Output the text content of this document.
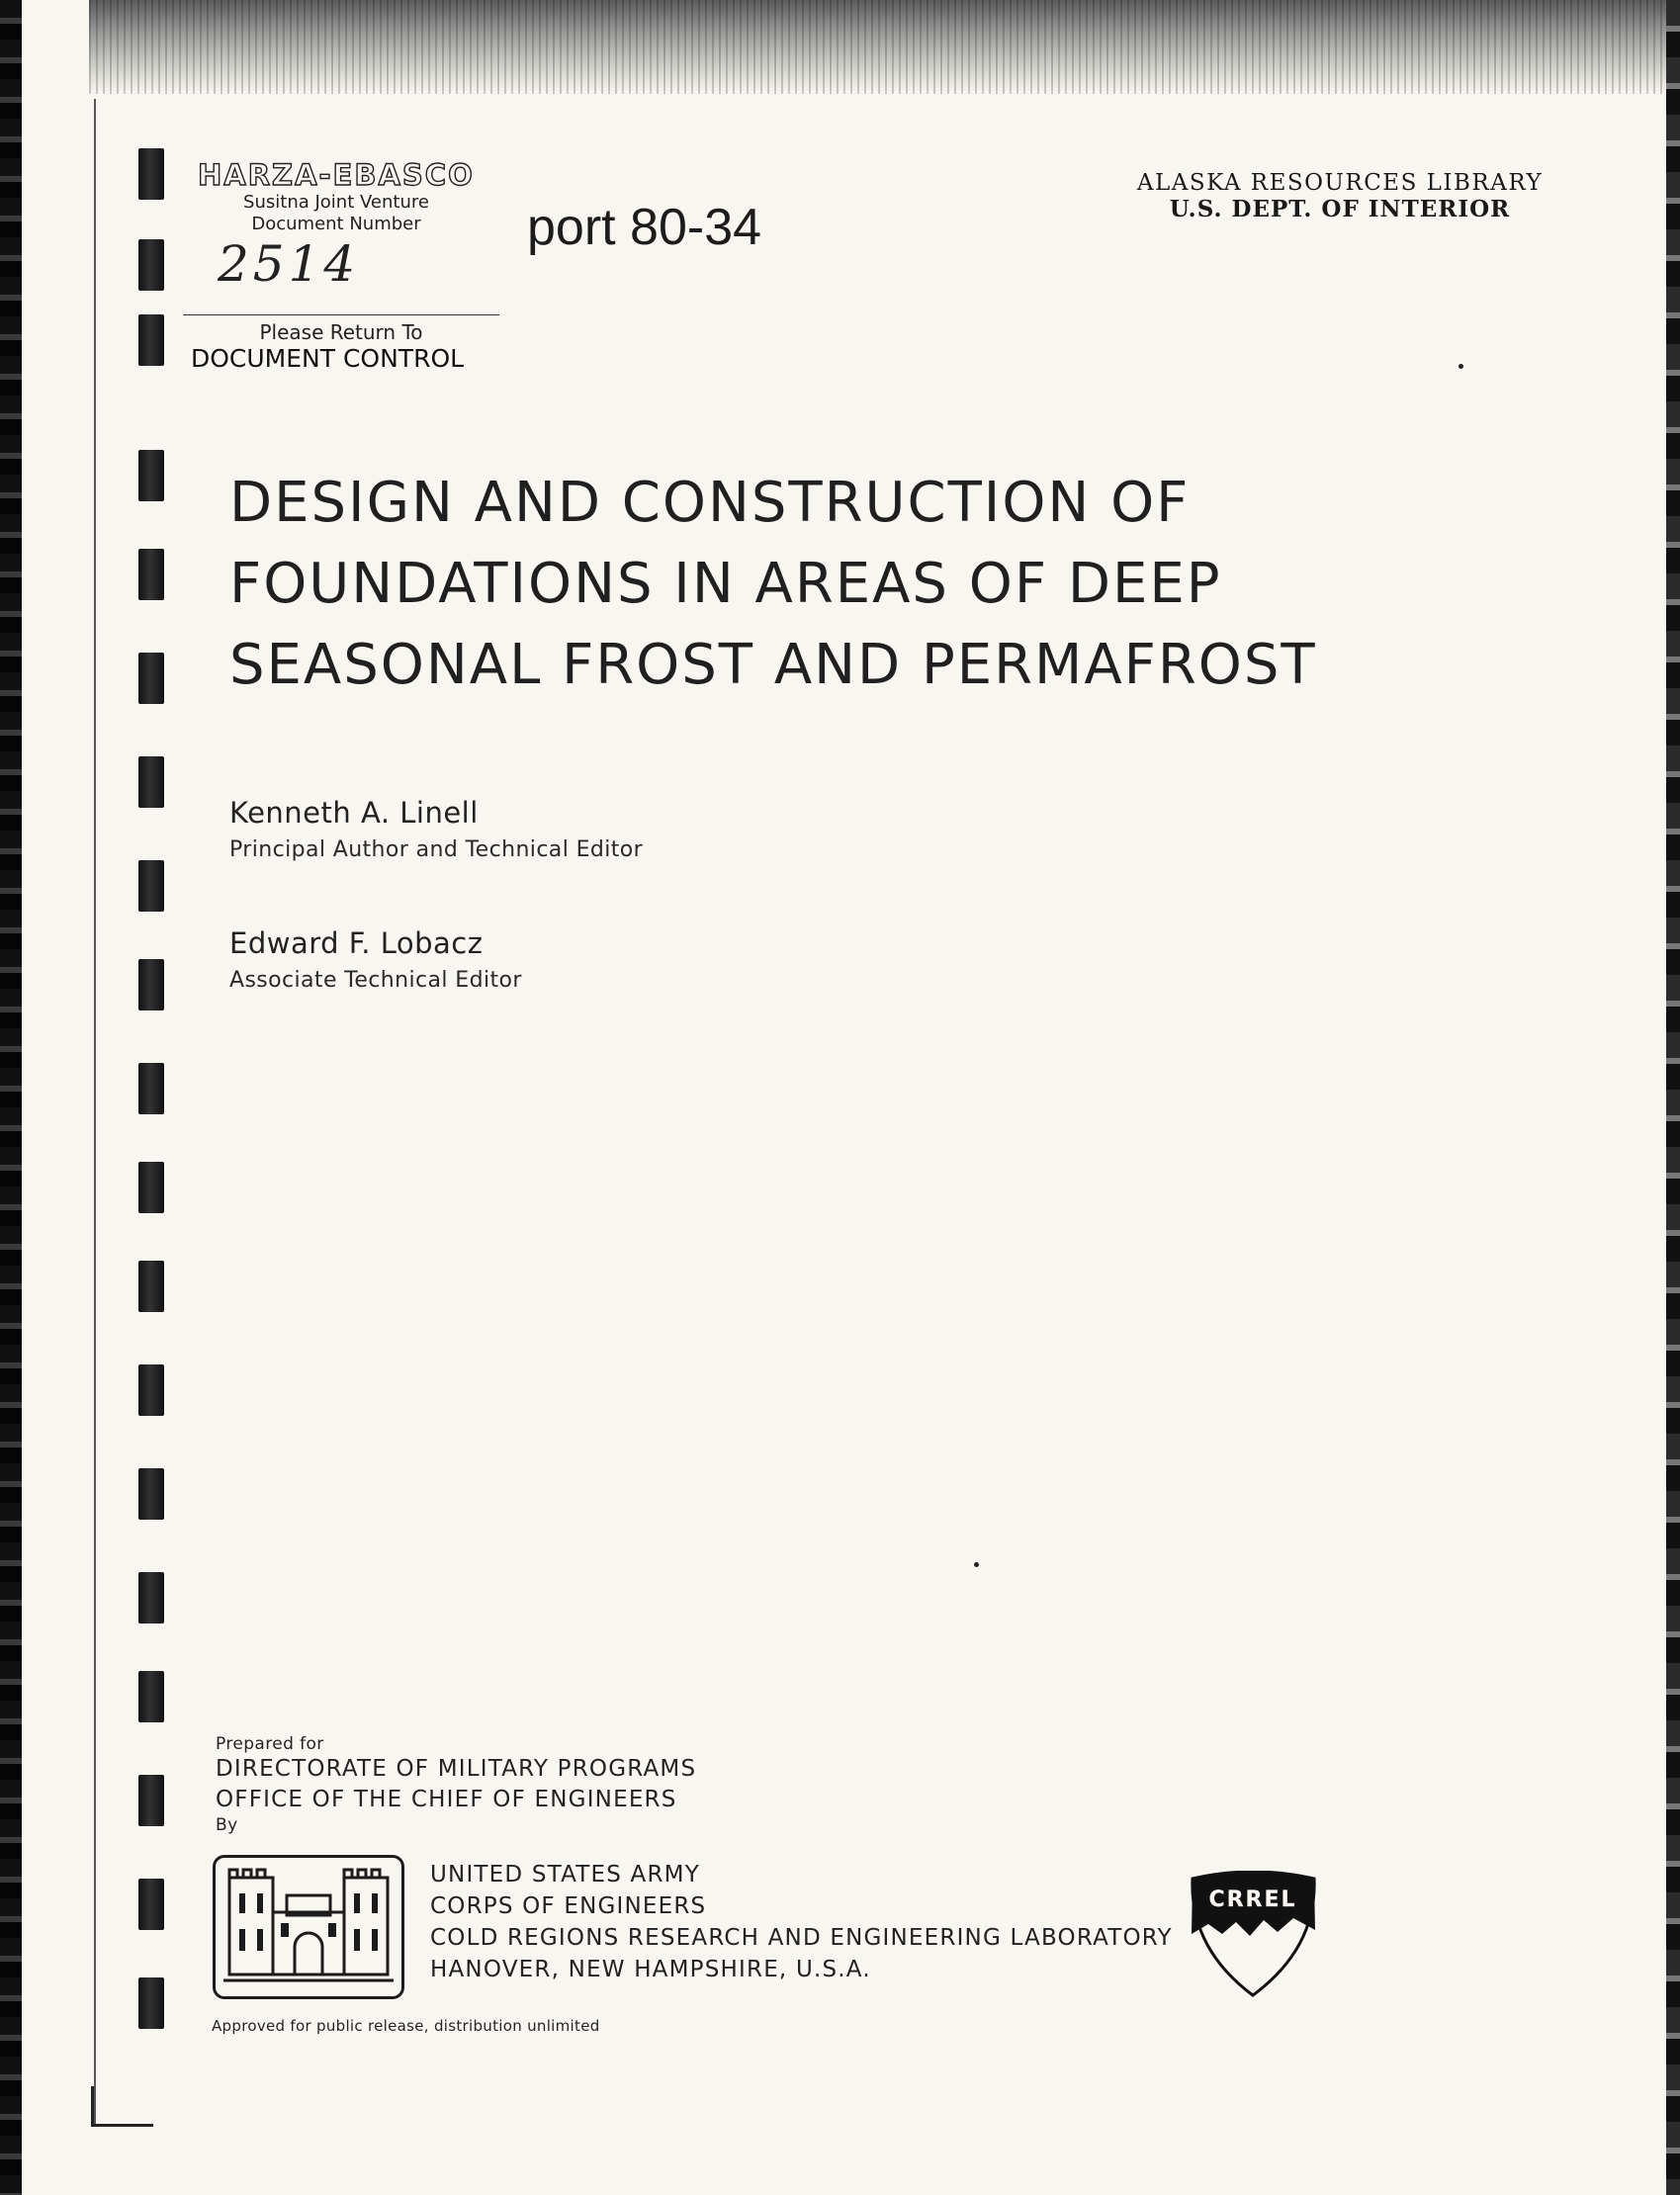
HARZA-EBASCO
Susitna Joint Venture
Document Number
2514
Please Return To
DOCUMENT CONTROL
port 80-34
ALASKA RESOURCES LIBRARY
U.S. DEPT. OF INTERIOR
DESIGN AND CONSTRUCTION OF
FOUNDATIONS IN AREAS OF DEEP
SEASONAL FROST AND PERMAFROST
Kenneth A. Linell
Principal Author and Technical Editor
Edward F. Lobacz
Associate Technical Editor
Prepared for
DIRECTORATE OF MILITARY PROGRAMS
OFFICE OF THE CHIEF OF ENGINEERS
By
UNITED STATES ARMY
CORPS OF ENGINEERS
COLD REGIONS RESEARCH AND ENGINEERING LABORATORY
HANOVER, NEW HAMPSHIRE, U.S.A.
CRREL
Approved for public release, distribution unlimited
